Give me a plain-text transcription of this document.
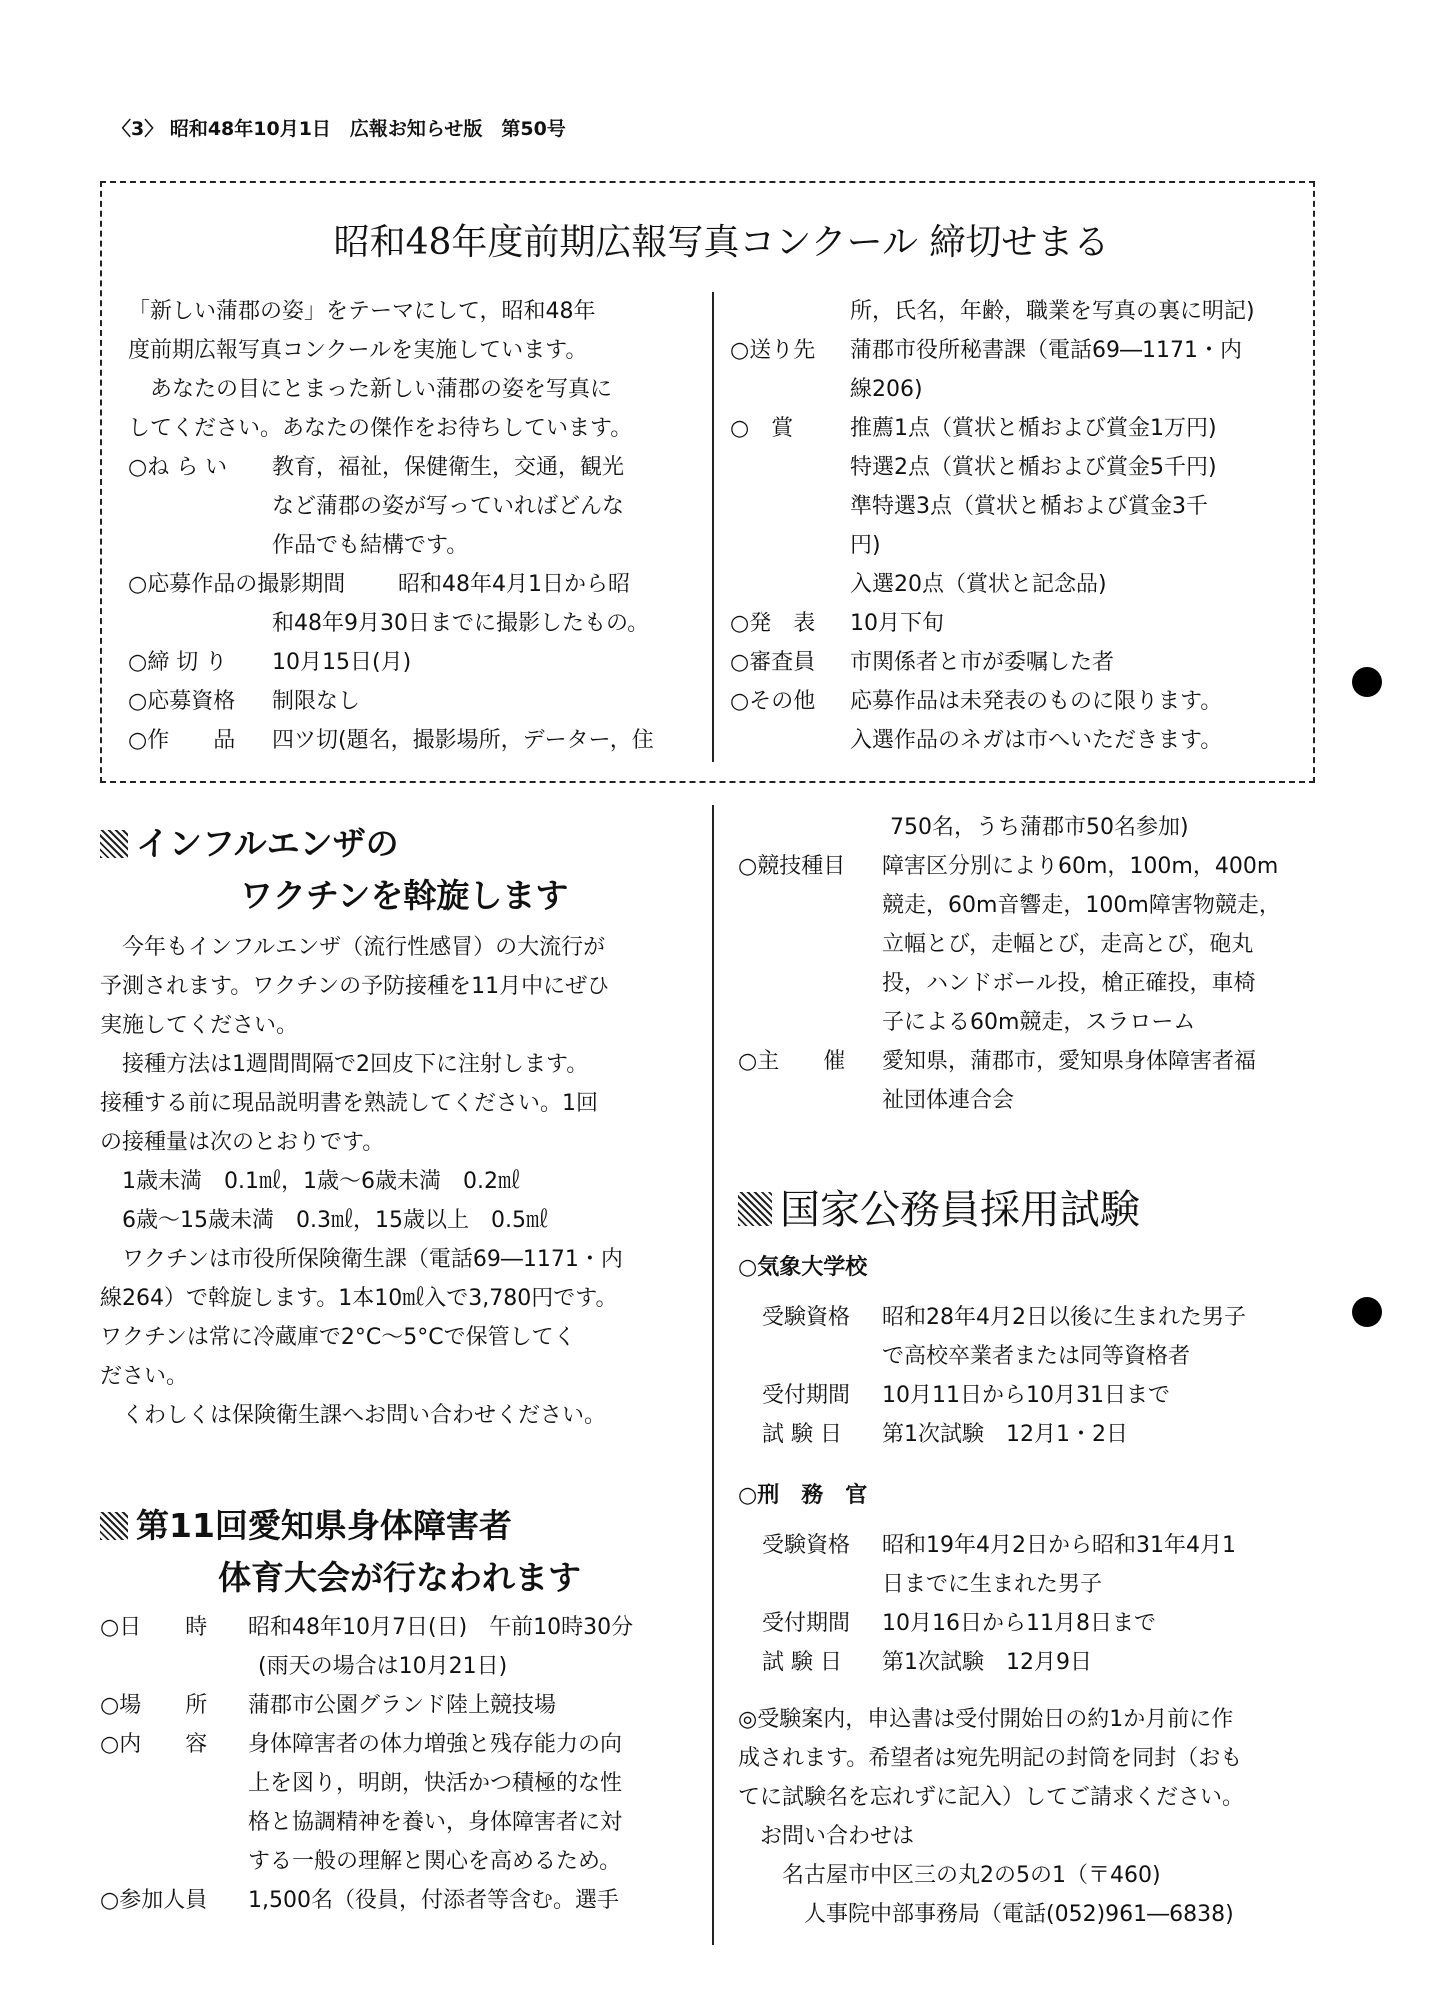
〈3〉 昭和48年10月1日　広報お知らせ版　第50号
昭和48年度前期広報写真コンクール 締切せまる
「新しい蒲郡の姿」をテーマにして，昭和48年
度前期広報写真コンクールを実施しています。
　あなたの目にとまった新しい蒲郡の姿を写真に
してください。あなたの傑作をお待ちしています。
○ね ら い 教育，福祉，保健衛生，交通，観光
など蒲郡の姿が写っていればどんな
作品でも結構です。
○応募作品の撮影期間 昭和48年4月1日から昭
和48年9月30日までに撮影したもの。
○締 切 り 10月15日(月)
○応募資格 制限なし
○作　　品 四ツ切(題名，撮影場所，データー，住
所，氏名，年齢，職業を写真の裏に明記)
○送り先 蒲郡市役所秘書課（電話69―1171・内
線206)
○　賞	推薦1点（賞状と楯および賞金1万円)
特選2点（賞状と楯および賞金5千円)
準特選3点（賞状と楯および賞金3千
円)
入選20点（賞状と記念品)
○発　表 10月下旬
○審査員 市関係者と市が委嘱した者
○その他 応募作品は未発表のものに限ります。
入選作品のネガは市へいただきます。
インフルエンザの
ワクチンを斡旋します
　今年もインフルエンザ（流行性感冒）の大流行が
予測されます。ワクチンの予防接種を11月中にぜひ
実施してください。
　接種方法は1週間間隔で2回皮下に注射します。
接種する前に現品説明書を熟読してください。1回
の接種量は次のとおりです。
　1歳未満　0.1㎖，1歳～6歳未満　0.2㎖
　6歳～15歳未満　0.3㎖，15歳以上　0.5㎖
　ワクチンは市役所保険衛生課（電話69―1171・内
線264）で斡旋します。1本10㎖入で3,780円です。
ワクチンは常に冷蔵庫で2°C～5°Cで保管してく
ださい。
　くわしくは保険衛生課へお問い合わせください。
第11回愛知県身体障害者
体育大会が行なわれます
○日　　時 昭和48年10月7日(日)　午前10時30分
(雨天の場合は10月21日)
○場　　所 蒲郡市公園グランド陸上競技場
○内　　容 身体障害者の体力増強と残存能力の向
上を図り，明朗，快活かつ積極的な性
格と協調精神を養い，身体障害者に対
する一般の理解と関心を高めるため。
○参加人員 1,500名（役員，付添者等含む。選手
750名，うち蒲郡市50名参加)
○競技種目 障害区分別により60m，100m，400m
競走，60m音響走，100m障害物競走，
立幅とび，走幅とび，走高とび，砲丸
投，ハンドボール投，槍正確投，車椅
子による60m競走，スラローム
○主　　催 愛知県，蒲郡市，愛知県身体障害者福
祉団体連合会
国家公務員採用試験
○気象大学校
受験資格 昭和28年4月2日以後に生まれた男子
で高校卒業者または同等資格者
受付期間 10月11日から10月31日まで
試 験 日 第1次試験　12月1・2日
○刑　務　官
受験資格 昭和19年4月2日から昭和31年4月1
日までに生まれた男子
受付期間 10月16日から11月8日まで
試 験 日 第1次試験　12月9日
◎受験案内，申込書は受付開始日の約1か月前に作
成されます。希望者は宛先明記の封筒を同封（おも
てに試験名を忘れずに記入）してご請求ください。
　お問い合わせは
　　名古屋市中区三の丸2の5の1（〒460)
　　　人事院中部事務局（電話(052)961―6838)
